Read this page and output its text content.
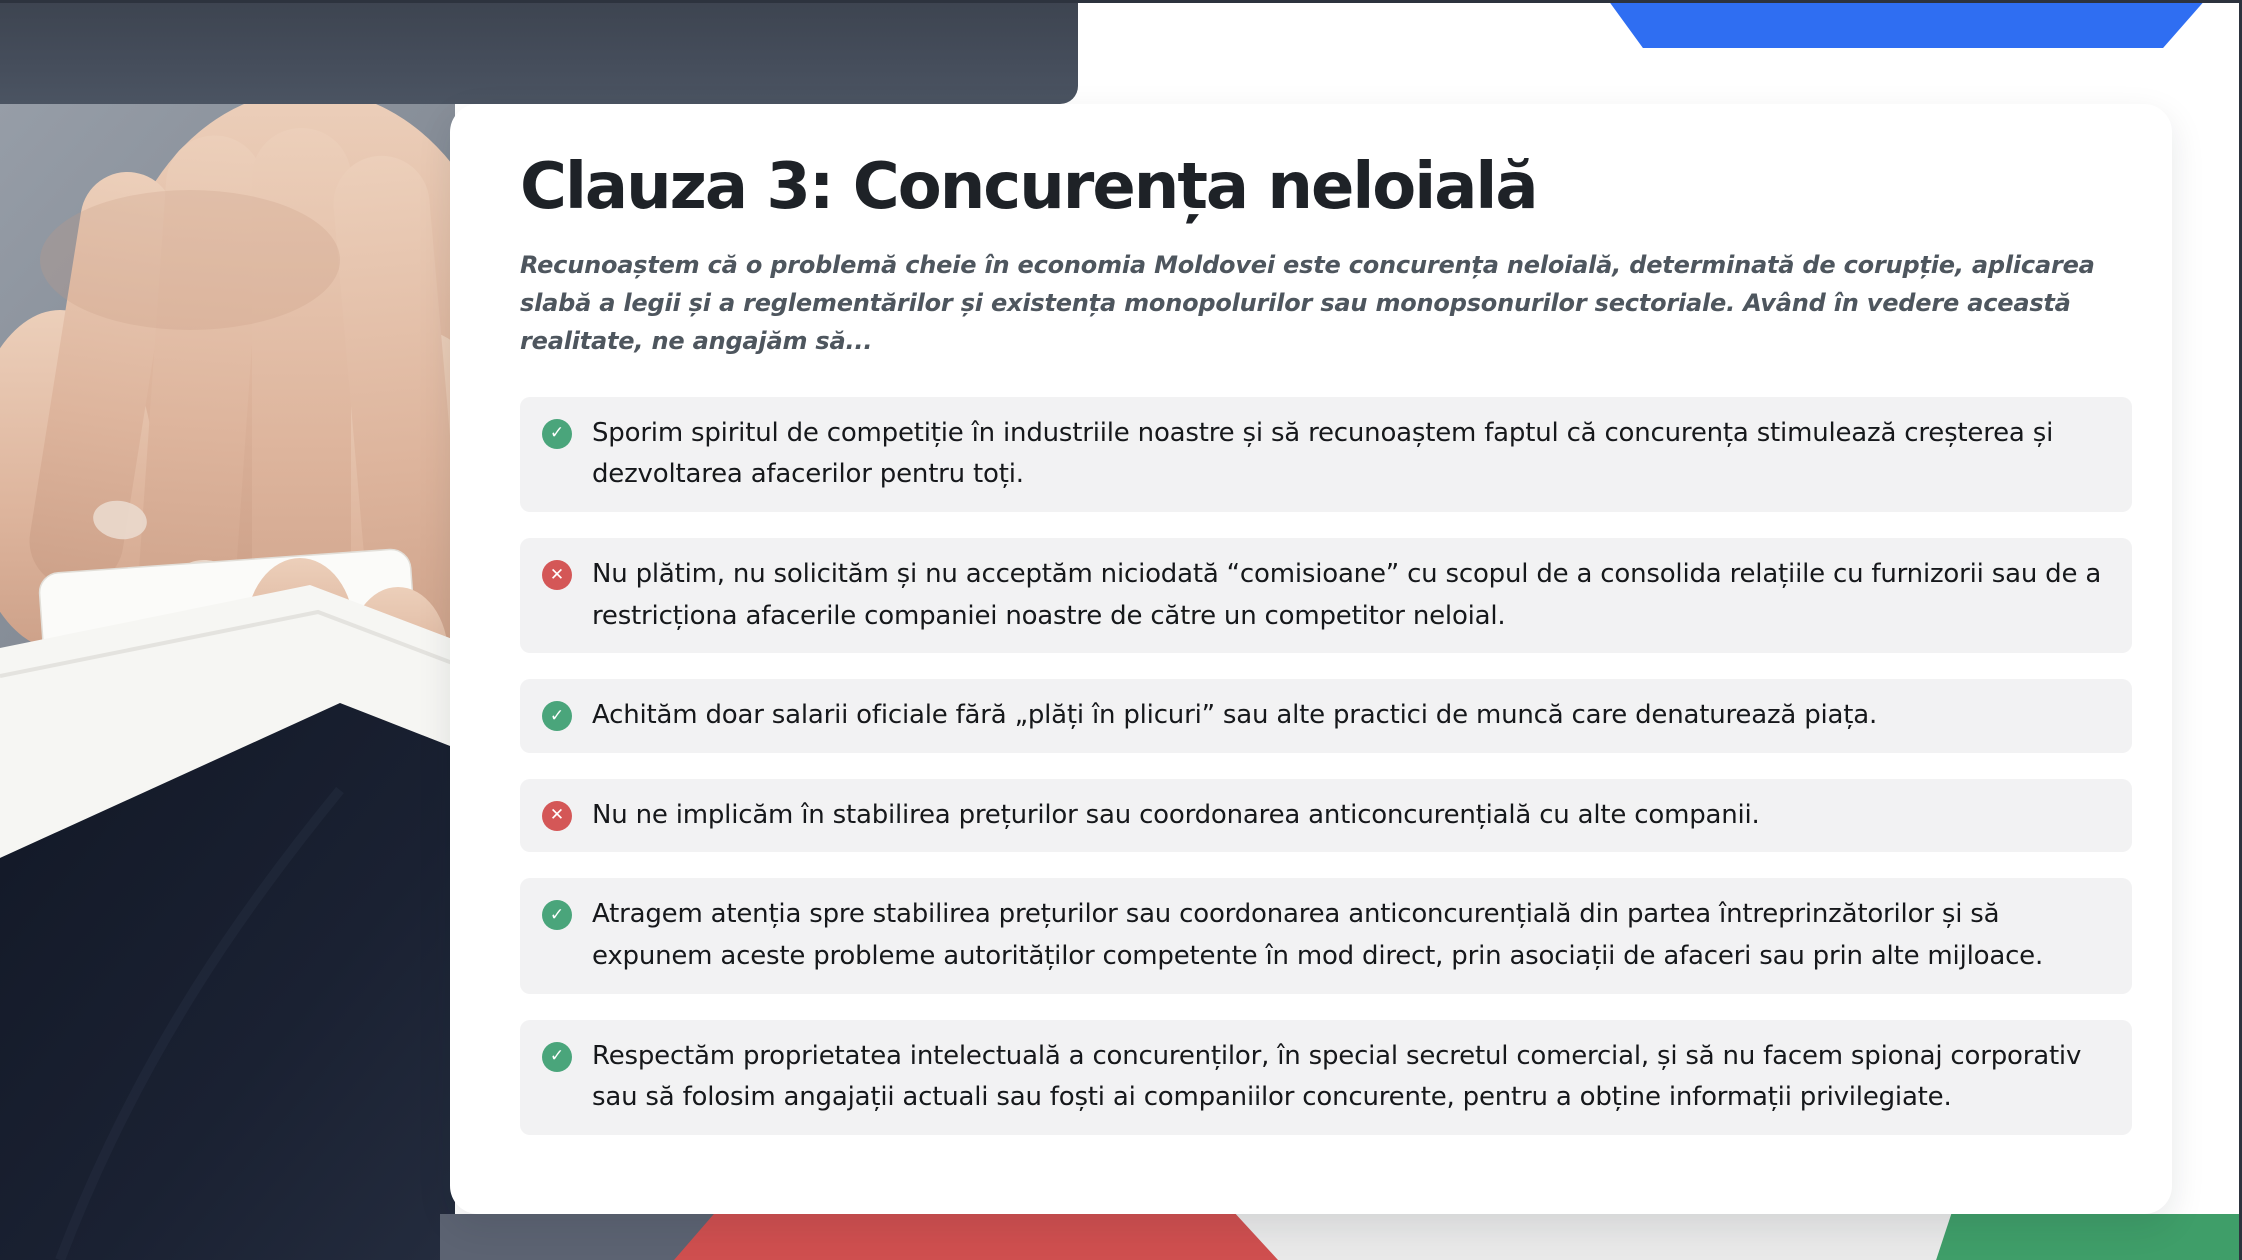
Clauza 3: Concurența neloială

Recunoaștem că o problemă cheie în economia Moldovei este concurența neloială, determinată de corupție, aplicarea slabă a legii și a reglementărilor și existența monopolurilor sau monopsonurilor sectoriale. Având în vedere această realitate, ne angajăm să...

✓	Sporim spiritul de competiție în industriile noastre și să recunoaștem faptul că concurența stimulează creșterea și dezvoltarea afacerilor pentru toți.
✕	Nu plătim, nu solicităm și nu acceptăm niciodată “comisioane” cu scopul de a consolida relațiile cu furnizorii sau de a restricționa afacerile companiei noastre de către un competitor neloial.
✓	Achităm doar salarii oficiale fără „plăți în plicuri” sau alte practici de muncă care denaturează piața.
✕	Nu ne implicăm în stabilirea prețurilor sau coordonarea anticoncurențială cu alte companii.
✓	Atragem atenția spre stabilirea prețurilor sau coordonarea anticoncurențială din partea întreprinzătorilor și să expunem aceste probleme autorităților competente în mod direct, prin asociații de afaceri sau prin alte mijloace.
✓	Respectăm proprietatea intelectuală a concurenților, în special secretul comercial, și să nu facem spionaj corporativ sau să folosim angajații actuali sau foști ai companiilor concurente, pentru a obține informații privilegiate.
